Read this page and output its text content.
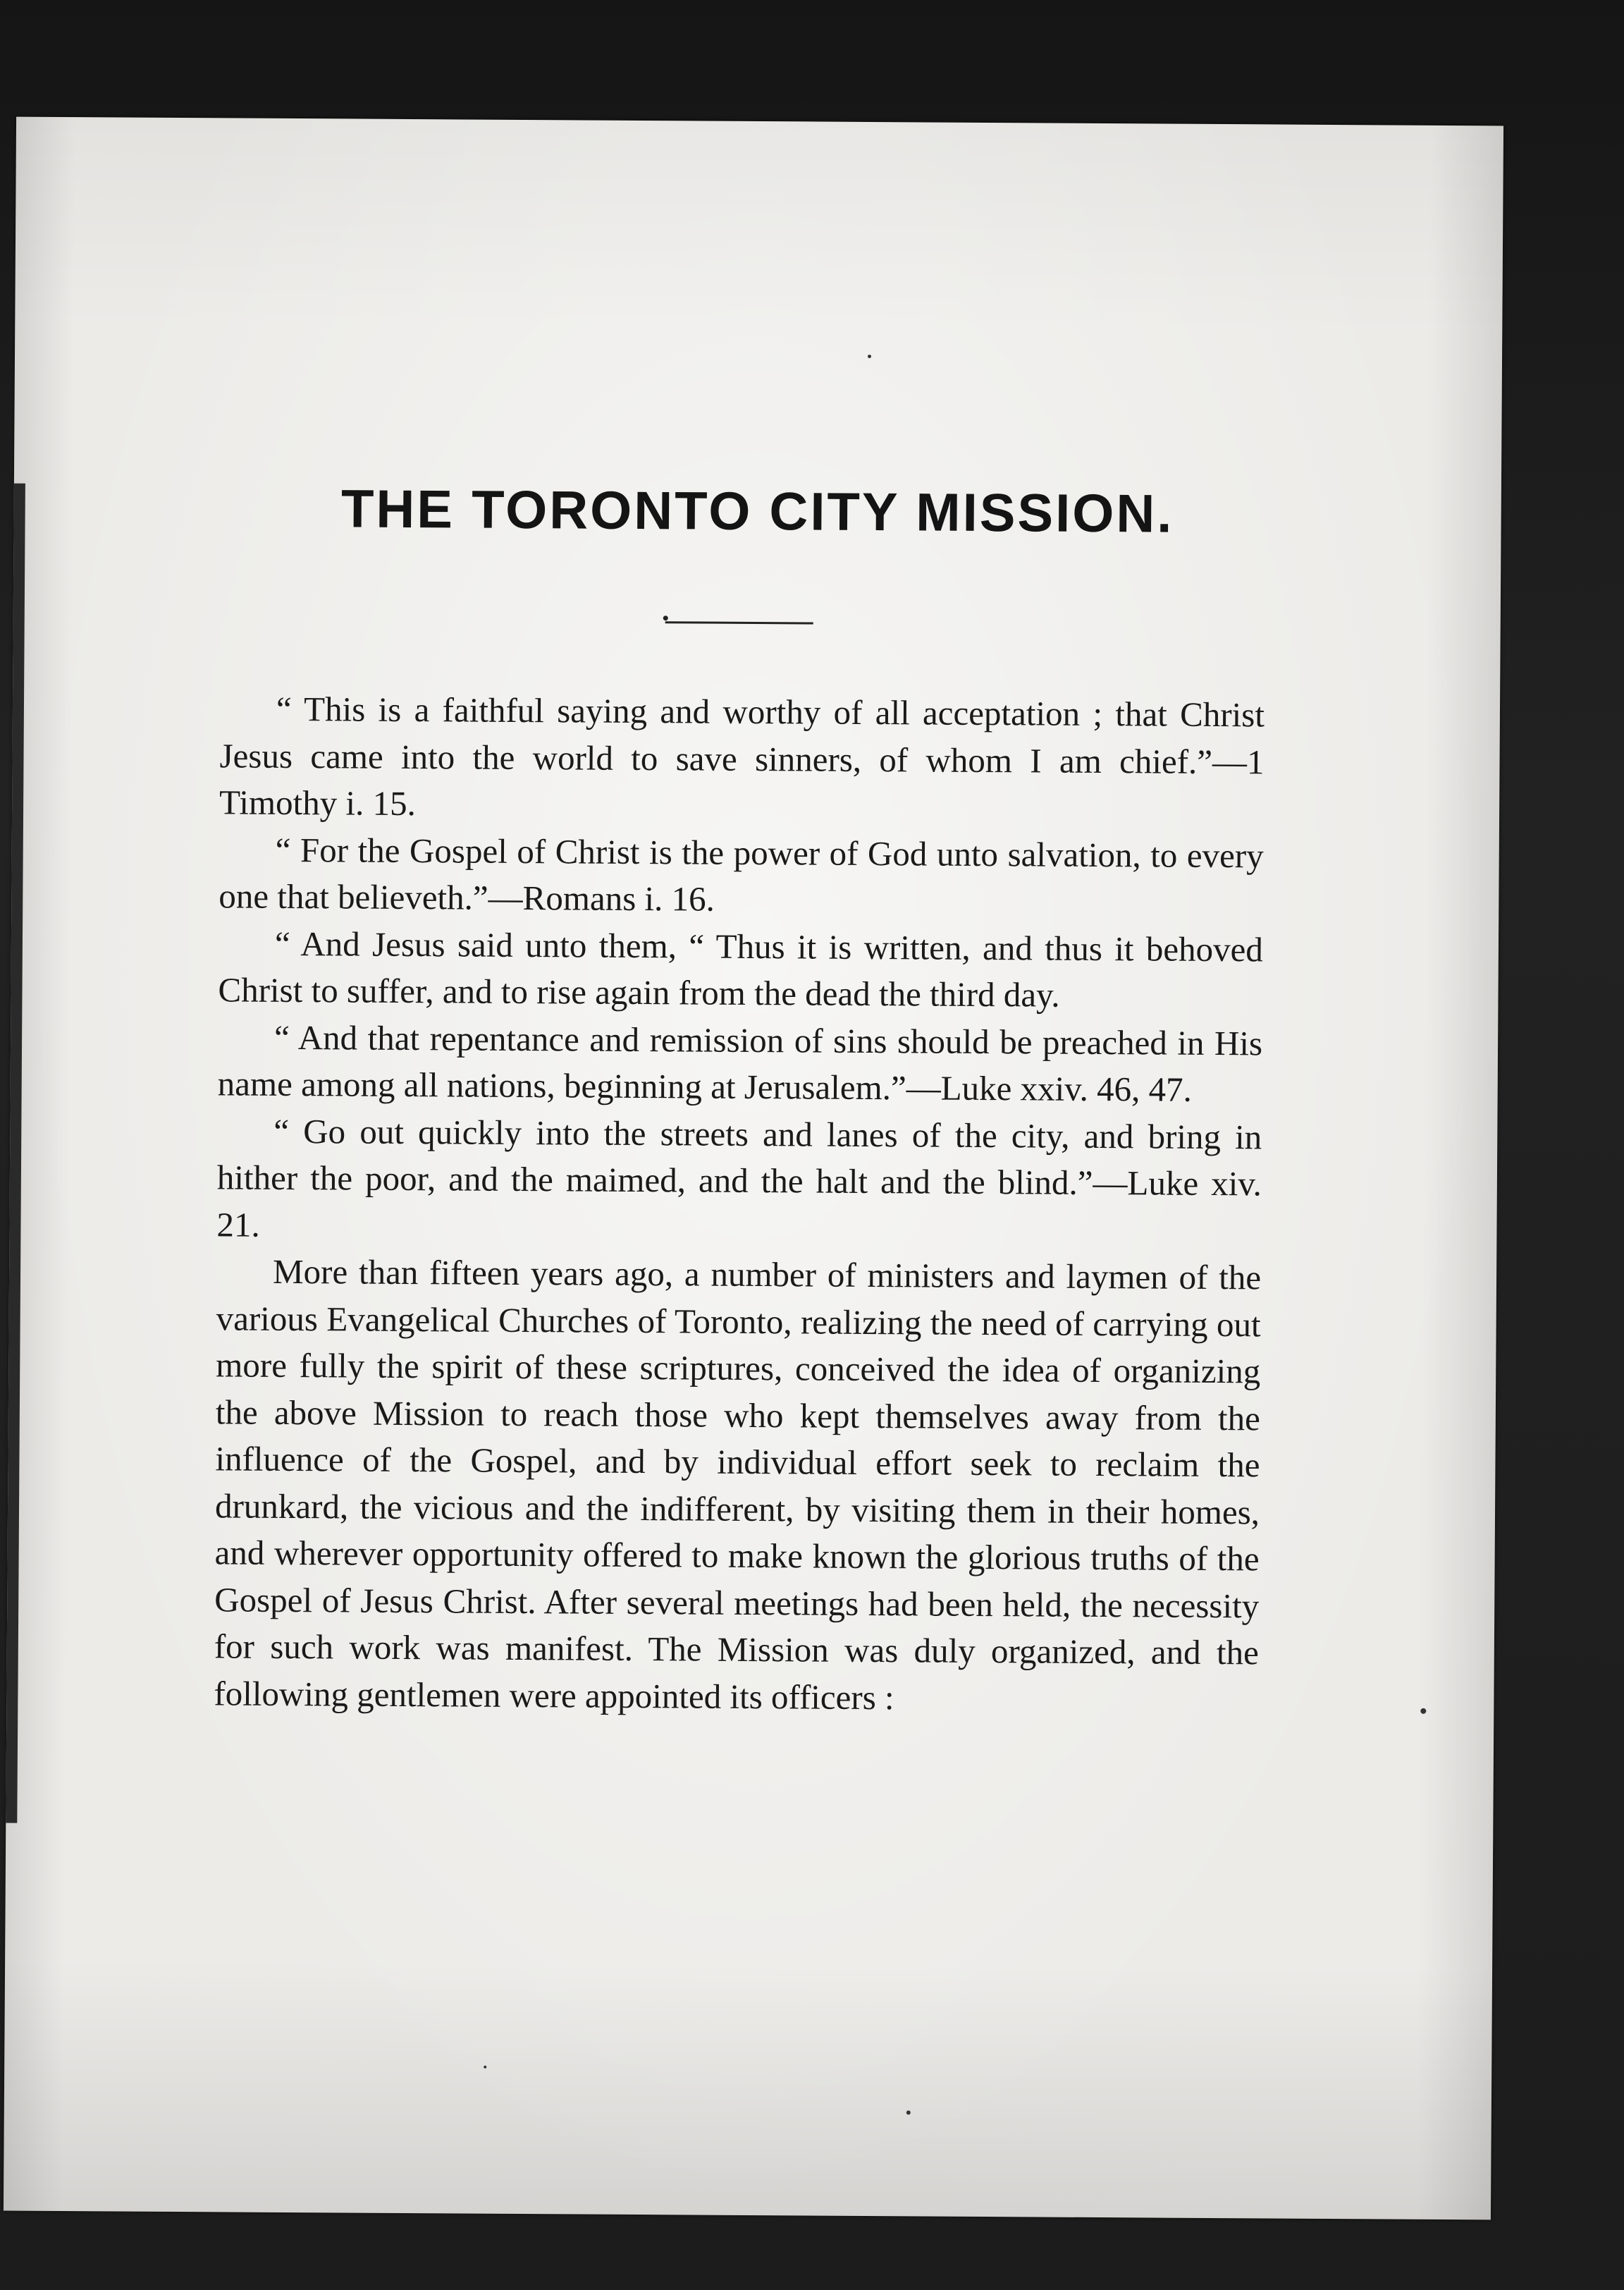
THE TORONTO CITY MISSION.

“ This is a faithful saying and worthy of all acceptation ; that Christ Jesus came into the world to save sinners, of whom I am chief.”—1 Timothy i. 15.

“ For the Gospel of Christ is the power of God unto salvation, to every one that believeth.”—Romans i. 16.

“ And Jesus said unto them, “ Thus it is written, and thus it behoved Christ to suffer, and to rise again from the dead the third day.

“ And that repentance and remission of sins should be preached in His name among all nations, beginning at Jerusalem.”—Luke xxiv. 46, 47.

“ Go out quickly into the streets and lanes of the city, and bring in hither the poor, and the maimed, and the halt and the blind.”—Luke xiv. 21.

More than fifteen years ago, a number of ministers and laymen of the various Evangelical Churches of Toronto, realizing the need of carrying out more fully the spirit of these scriptures, conceived the idea of organizing the above Mission to reach those who kept themselves away from the influence of the Gospel, and by individual effort seek to reclaim the drunkard, the vicious and the indifferent, by visiting them in their homes, and wherever opportunity offered to make known the glorious truths of the Gospel of Jesus Christ. After several meetings had been held, the necessity for such work was manifest. The Mission was duly organized, and the following gentlemen were appointed its officers :
